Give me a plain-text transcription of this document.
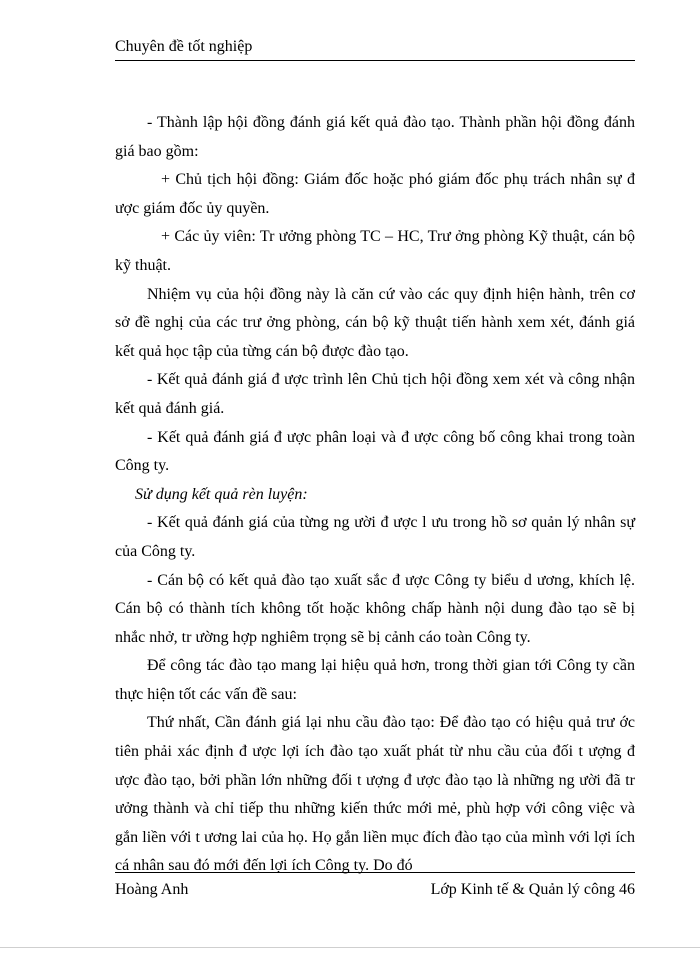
Chuyên đề tốt nghiệp

- Thành lập hội đồng đánh giá kết quả đào tạo. Thành phần hội đồng đánh giá bao gồm:

+ Chủ tịch hội đồng: Giám đốc hoặc phó giám đốc phụ trách nhân sự đ ược giám đốc ủy quyền.

+ Các ủy viên: Tr ưởng phòng TC – HC, Trư ởng phòng Kỹ thuật, cán bộ kỹ thuật.

Nhiệm vụ của hội đồng này là căn cứ vào các quy định hiện hành, trên cơ sở đề nghị của các trư ởng phòng, cán bộ kỹ thuật tiến hành xem xét, đánh giá kết quả học tập của từng cán bộ được đào tạo.

- Kết quả đánh giá đ ược trình lên Chủ tịch hội đồng xem xét và công nhận kết quả đánh giá.

- Kết quả đánh giá đ ược phân loại và đ ược công bố công khai trong toàn Công ty.

Sử dụng kết quả rèn luyện:

- Kết quả đánh giá của từng ng ười đ ược l ưu trong hồ sơ quản lý nhân sự của Công ty.

- Cán bộ có kết quả đào tạo xuất sắc đ ược Công ty biểu d ương, khích lệ. Cán bộ có thành tích không tốt hoặc không chấp hành nội dung đào tạo sẽ bị nhắc nhở, tr ường hợp nghiêm trọng sẽ bị cảnh cáo toàn Công ty.

Để công tác đào tạo mang lại hiệu quả hơn, trong thời gian tới Công ty cần thực hiện tốt các vấn đề sau:

Thứ nhất, Cần đánh giá lại nhu cầu đào tạo: Để đào tạo có hiệu quả trư ớc tiên phải xác định đ ược lợi ích đào tạo xuất phát từ nhu cầu của đối t ượng đ ược đào tạo, bởi phần lớn những đối t ượng đ ược đào tạo là những ng ười đã tr ưởng thành và chỉ tiếp thu những kiến thức mới mẻ, phù hợp với công việc và gắn liền với t ương lai của họ. Họ gắn liền mục đích đào tạo của mình với lợi ích cá nhân sau đó mới đến lợi ích Công ty. Do đó

Hoàng Anh	Lớp Kinh tế & Quản lý công 46
